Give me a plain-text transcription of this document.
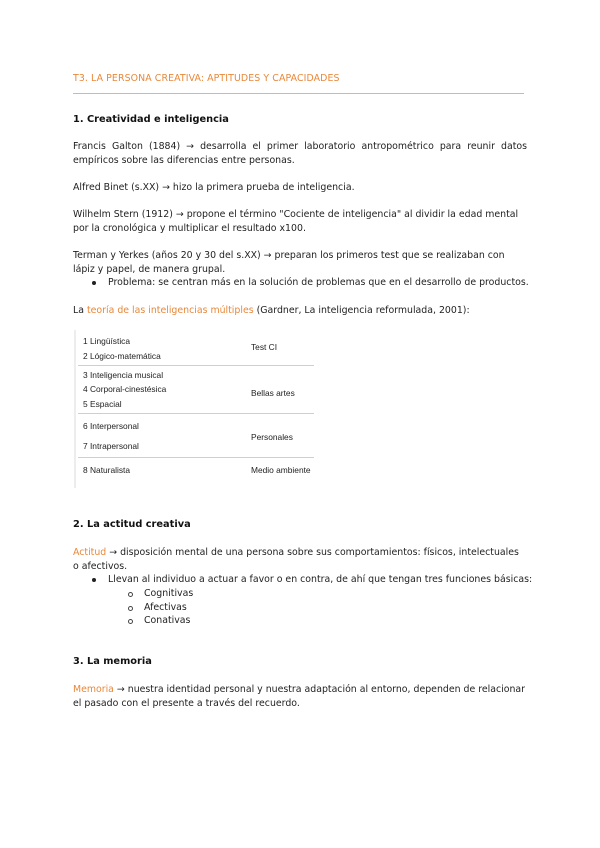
T3. LA PERSONA CREATIVA: APTITUDES Y CAPACIDADES
1. Creatividad e inteligencia

Francis Galton (1884) → desarrolla el primer laboratorio antropométrico para reunir datos empíricos sobre las diferencias entre personas.

Alfred Binet (s.XX) → hizo la primera prueba de inteligencia.

Wilhelm Stern (1912) → propone el término "Cociente de inteligencia" al dividir la edad mental por la cronológica y multiplicar el resultado x100.

Terman y Yerkes (años 20 y 30 del s.XX) → preparan los primeros test que se realizaban con lápiz y papel, de manera grupal.

Problema: se centran más en la solución de problemas que en el desarrollo de productos.

La teoría de las inteligencias múltiples (Gardner, La inteligencia reformulada, 2001):

1 Lingüística
2 Lógico-matemática
Test CI
3 Inteligencia musical
4 Corporal-cinestésica
5 Espacial
Bellas artes
6 Interpersonal
7 Intrapersonal
Personales
8 Naturalista	Medio ambiente
2. La actitud creativa

Actitud → disposición mental de una persona sobre sus comportamientos: físicos, intelectuales o afectivos.

Llevan al individuo a actuar a favor o en contra, de ahí que tengan tres funciones básicas:
Cognitivas
Afectivas
Conativas
3. La memoria

Memoria → nuestra identidad personal y nuestra adaptación al entorno, dependen de relacionar el pasado con el presente a través del recuerdo.
